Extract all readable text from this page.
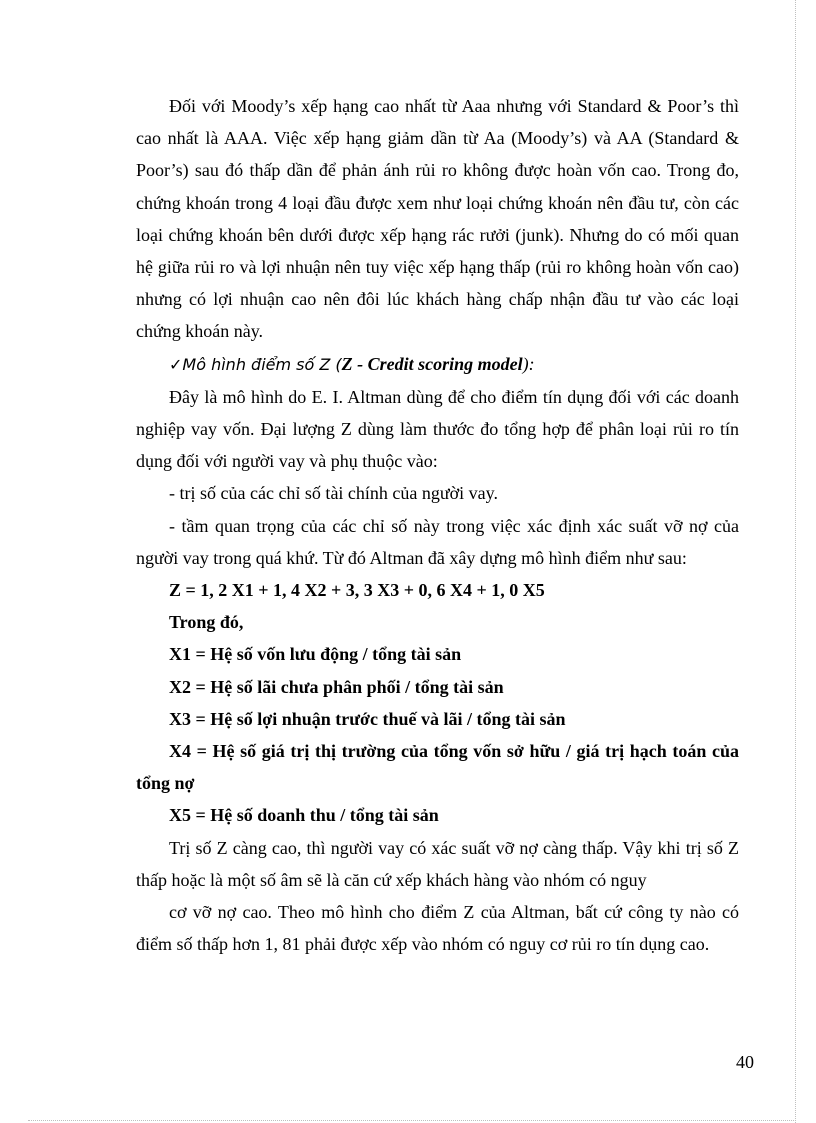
Đối với Moody’s xếp hạng cao nhất từ Aaa nhưng với Standard & Poor’s thì cao nhất là AAA. Việc xếp hạng giảm dần từ Aa (Moody’s) và AA (Standard & Poor’s) sau đó thấp dần để phản ánh rủi ro không được hoàn vốn cao. Trong đo, chứng khoán trong 4 loại đầu được xem như loại chứng khoán nên đầu tư, còn các loại chứng khoán bên dưới được xếp hạng rác rưởi (junk). Nhưng do có mối quan hệ giữa rủi ro và lợi nhuận nên tuy việc xếp hạng thấp (rủi ro không hoàn vốn cao) nhưng có lợi nhuận cao nên đôi lúc khách hàng chấp nhận đầu tư vào các loại chứng khoán này.

✓Mô hình điểm số Z (Z - Credit scoring model):

Đây là mô hình do E. I. Altman dùng để cho điểm tín dụng đối với các doanh nghiệp vay vốn. Đại lượng Z dùng làm thước đo tổng hợp để phân loại rủi ro tín dụng đối với người vay và phụ thuộc vào:

- trị số của các chỉ số tài chính của người vay.

- tầm quan trọng của các chỉ số này trong việc xác định xác suất vỡ nợ của người vay trong quá khứ. Từ đó Altman đã xây dựng mô hình điểm như sau:

Z = 1, 2 X1 + 1, 4 X2 + 3, 3 X3 + 0, 6 X4 + 1, 0 X5

Trong đó,

X1 = Hệ số vốn lưu động / tổng tài sản

X2 = Hệ số lãi chưa phân phối / tổng tài sản

X3 = Hệ số lợi nhuận trước thuế và lãi / tổng tài sản

X4 = Hệ số giá trị thị trường của tổng vốn sở hữu / giá trị hạch toán của tổng nợ

X5 = Hệ số doanh thu / tổng tài sản

Trị số Z càng cao, thì người vay có xác suất vỡ nợ càng thấp. Vậy khi trị số Z thấp hoặc là một số âm sẽ là căn cứ xếp khách hàng vào nhóm có nguy

cơ vỡ nợ cao. Theo mô hình cho điểm Z của Altman, bất cứ công ty nào có điểm số thấp hơn 1, 81 phải được xếp vào nhóm có nguy cơ rủi ro tín dụng cao.

40
